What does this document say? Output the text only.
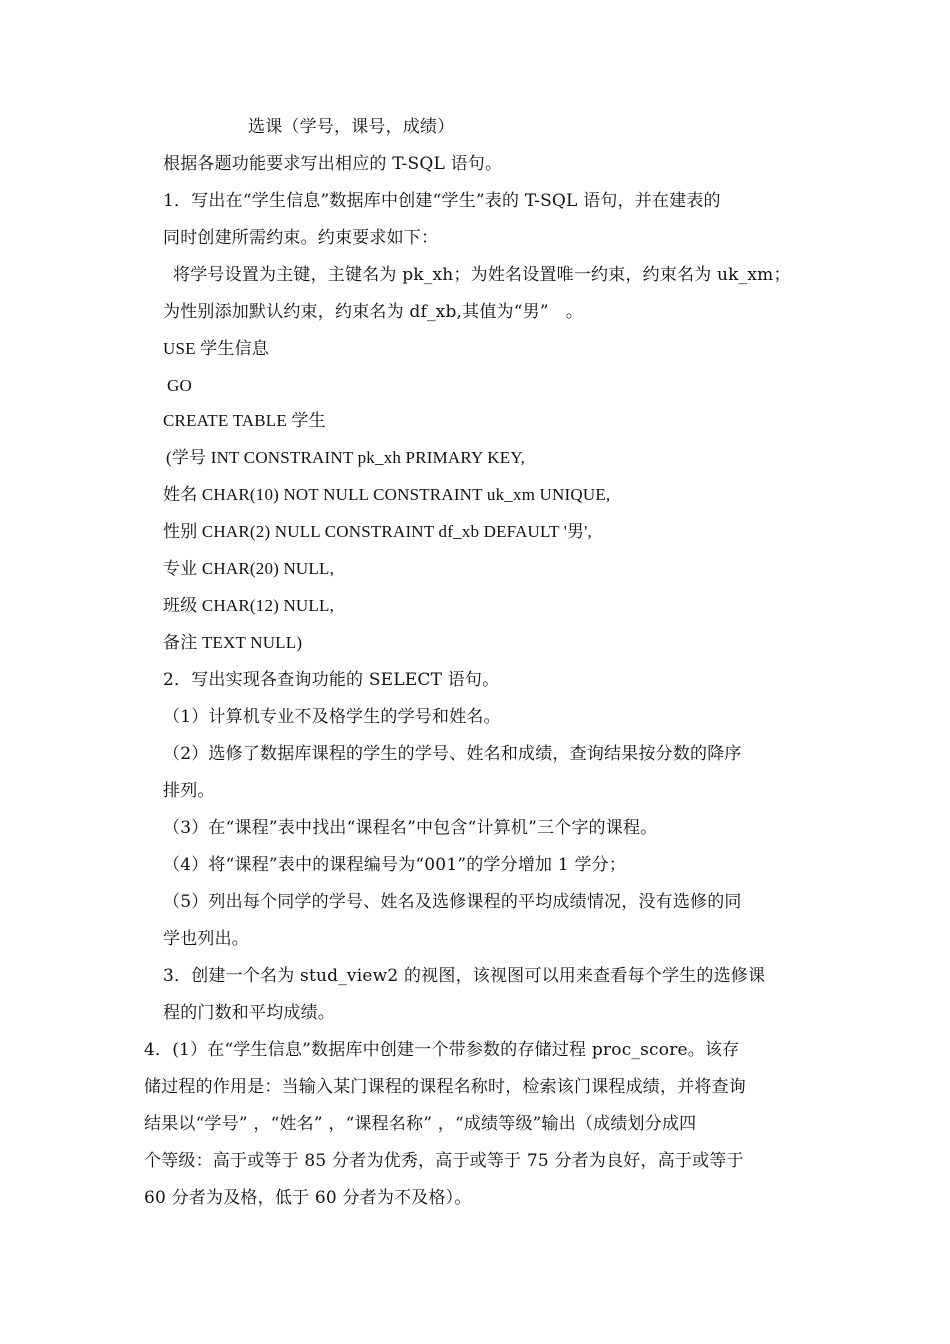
选课（学号，课号，成绩）
根据各题功能要求写出相应的 T-SQL 语句。
1．写出在“学生信息”数据库中创建“学生”表的 T-SQL 语句，并在建表的
同时创建所需约束。约束要求如下：
将学号设置为主键，主键名为 pk_xh；为姓名设置唯一约束，约束名为 uk_xm；
为性别添加默认约束，约束名为 df_xb,其值为“男”　。
USE 学生信息
GO
CREATE TABLE 学生
(学号 INT CONSTRAINT pk_xh PRIMARY KEY,
姓名 CHAR(10) NOT NULL CONSTRAINT uk_xm UNIQUE,
性别 CHAR(2) NULL CONSTRAINT df_xb DEFAULT '男',
专业 CHAR(20) NULL,
班级 CHAR(12) NULL,
备注 TEXT NULL)
2．写出实现各查询功能的 SELECT 语句。
（1）计算机专业不及格学生的学号和姓名。
（2）选修了数据库课程的学生的学号、姓名和成绩，查询结果按分数的降序
排列。
（3）在“课程”表中找出“课程名”中包含“计算机”三个字的课程。
（4）将“课程”表中的课程编号为“001”的学分增加 1 学分；
（5）列出每个同学的学号、姓名及选修课程的平均成绩情况，没有选修的同
学也列出。
3．创建一个名为 stud_view2 的视图，该视图可以用来查看每个学生的选修课
程的门数和平均成绩。
4．(1）在“学生信息”数据库中创建一个带参数的存储过程 proc_score。该存
储过程的作用是：当输入某门课程的课程名称时，检索该门课程成绩，并将查询
结果以“学号” ，“姓名” ，“课程名称” ，“成绩等级”输出（成绩划分成四
个等级：高于或等于 85 分者为优秀，高于或等于 75 分者为良好，高于或等于
60 分者为及格，低于 60 分者为不及格）。
